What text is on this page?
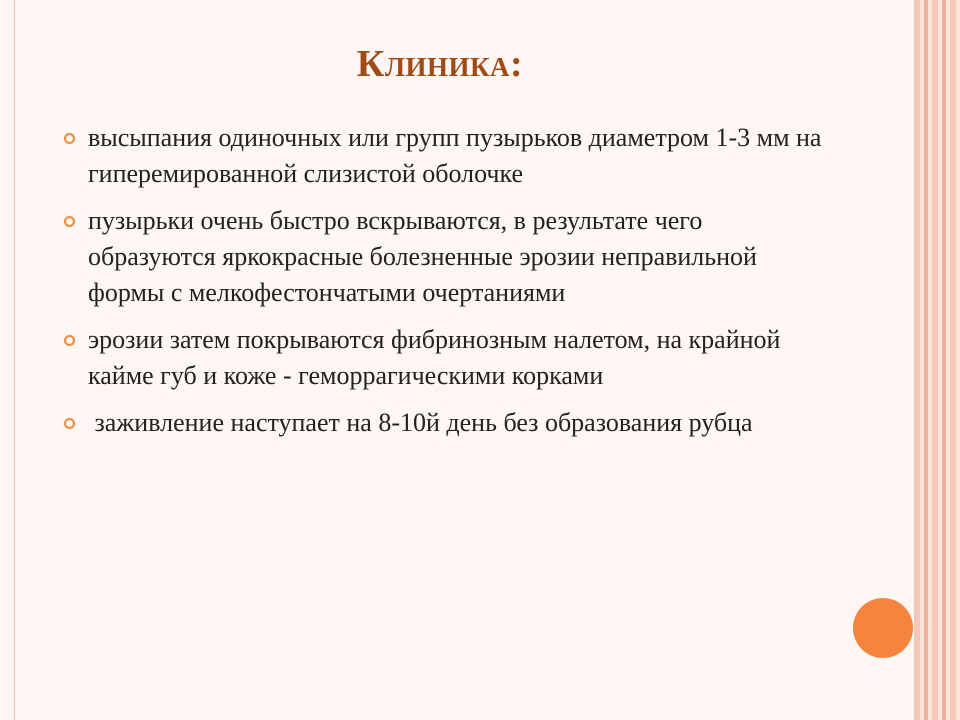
Клиника:
высыпания одиночных или групп пузырьков диаметром 1-3 мм на гиперемированной слизистой оболочке
пузырьки очень быстро вскрываются, в результате чего образуются яркокрасные болезненные эрозии неправильной формы с мелкофестончатыми очертаниями
эрозии затем покрываются фибринозным налетом, на крайной кайме губ и коже - геморрагическими корками
заживление наступает на 8-10й день без образования рубца
